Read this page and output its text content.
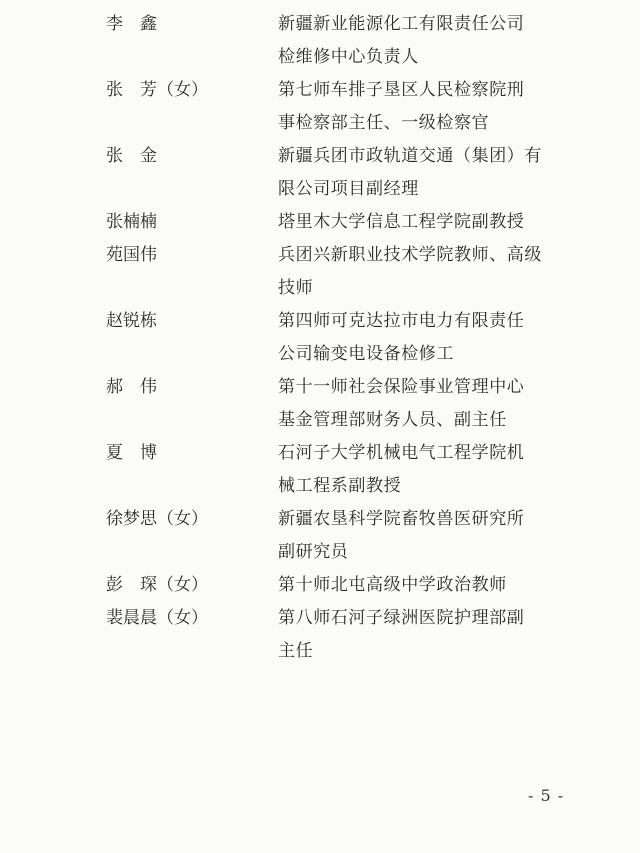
李　鑫	新疆新业能源化工有限责任公司
检维修中心负责人
张　芳（女）	第七师车排子垦区人民检察院刑
事检察部主任、一级检察官
张　金	新疆兵团市政轨道交通（集团）有
限公司项目副经理
张楠楠	塔里木大学信息工程学院副教授
苑国伟	兵团兴新职业技术学院教师、高级
技师
赵锐栋	第四师可克达拉市电力有限责任
公司输变电设备检修工
郝　伟	第十一师社会保险事业管理中心
基金管理部财务人员、副主任
夏　博	石河子大学机械电气工程学院机
械工程系副教授
徐梦思（女）	新疆农垦科学院畜牧兽医研究所
副研究员
彭　琛（女）	第十师北屯高级中学政治教师
裴晨晨（女）	第八师石河子绿洲医院护理部副
主任
- 5 -
